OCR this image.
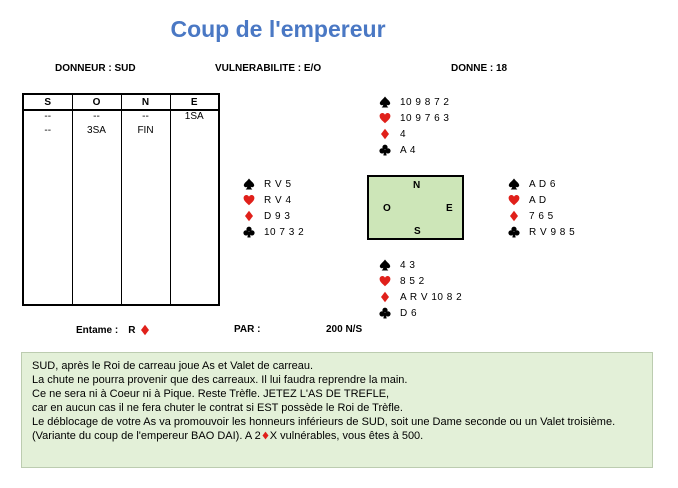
Coup de l'empereur
DONNEUR : SUD	VULNERABILITE : E/O	DONNE : 18
S	O	N	E
--	--	--	1SA
--	3SA	FIN	

10 9 8 7 2
10 9 7 6 3
4
A 4
R V 5
R V 4
D 9 3
10 7 3 2
N
O	E
S
A D 6
A D
7 6 5
R V 9 8 5
4 3
8 5 2
A R V 10 8 2
D 6
Entame : R	PAR :	200 N/S
SUD, après le Roi de carreau joue As et Valet de carreau.
La chute ne pourra provenir que des carreaux. Il lui faudra reprendre la main.
Ce ne sera ni à Coeur ni à Pique. Reste Trèfle. JETEZ L'AS DE TREFLE,
car en aucun cas il ne fera chuter le contrat si EST possède le Roi de Trèfle.
Le déblocage de votre As va promouvoir les honneurs inférieurs de SUD, soit une Dame seconde ou un Valet troisième.
(Variante du coup de l'empereur BAO DAI). A 2 X vulnérables, vous êtes à 500.
